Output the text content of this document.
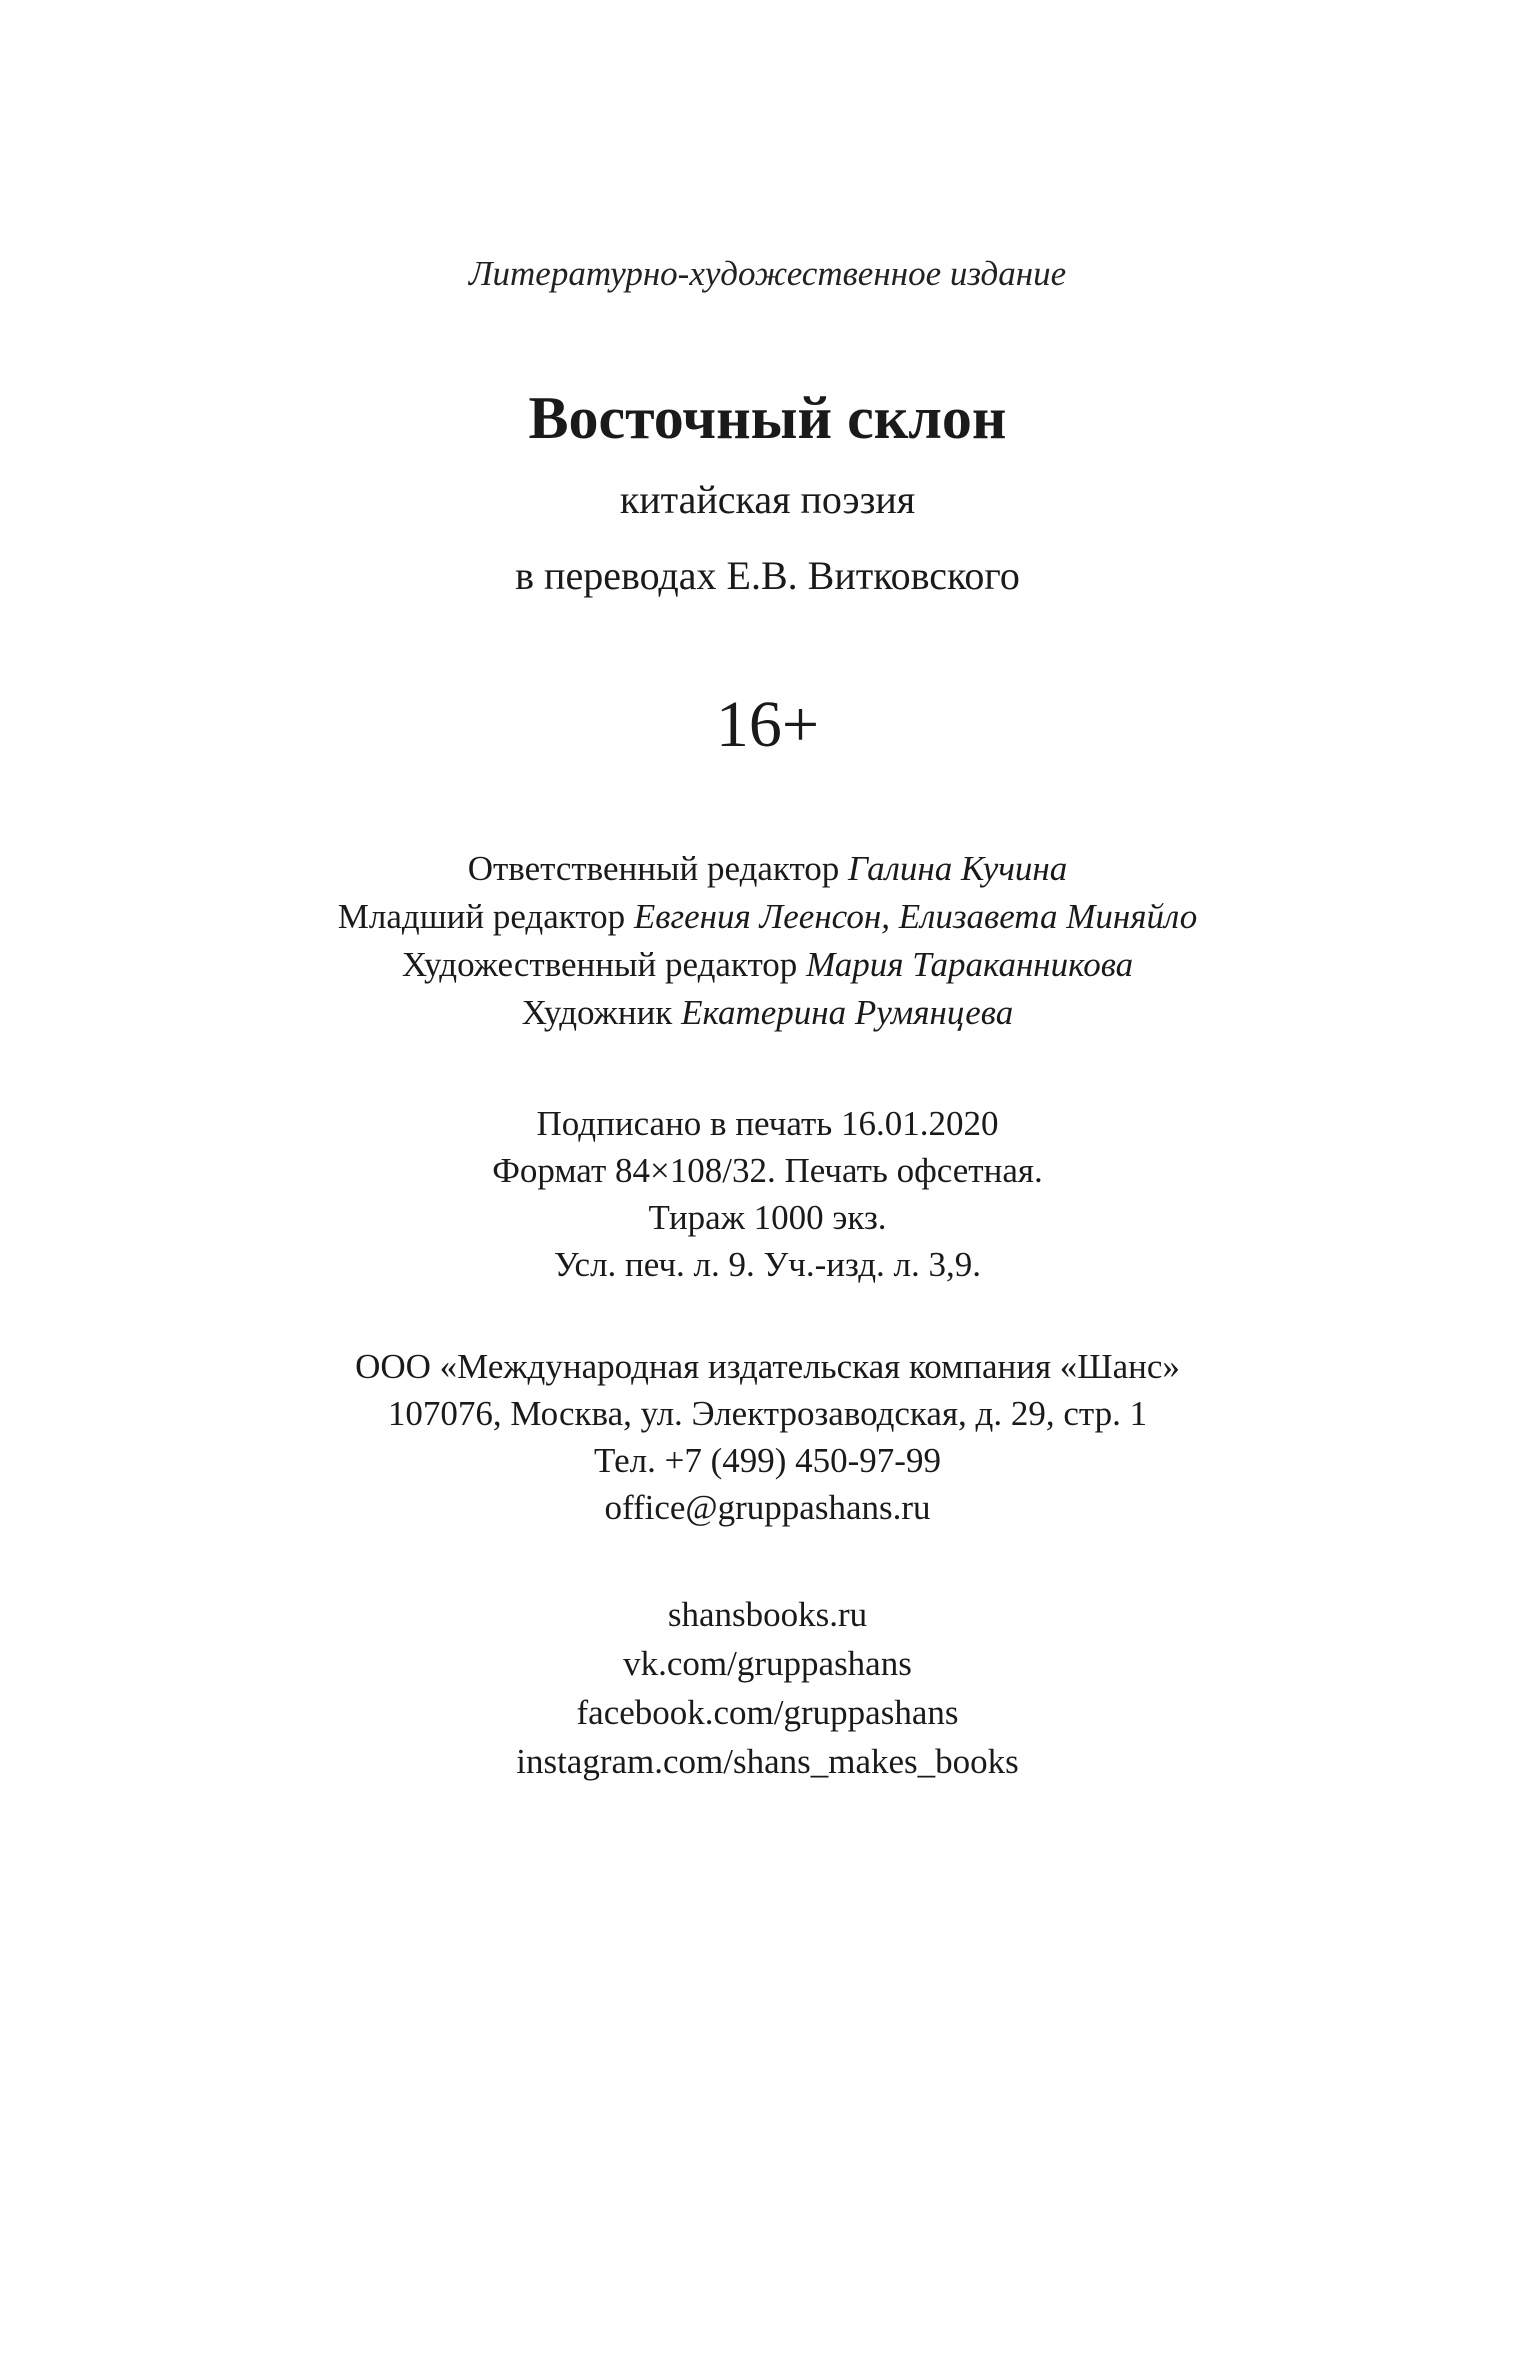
Литературно-художественное издание
Восточный склон
китайская поэзия
в переводах Е.В. Витковского
16+
Ответственный редактор Галина Кучина
Младший редактор Евгения Леенсон, Елизавета Миняйло
Художественный редактор Мария Тараканникова
Художник Екатерина Румянцева
Подписано в печать 16.01.2020
Формат 84×108/32. Печать офсетная.
Тираж 1000 экз.
Усл. печ. л. 9. Уч.-изд. л. 3,9.
ООО «Международная издательская компания «Шанс»
107076, Москва, ул. Электрозаводская, д. 29, стр. 1
Тел. +7 (499) 450-97-99
office@gruppashans.ru
shansbooks.ru
vk.com/gruppashans
facebook.com/gruppashans
instagram.com/shans_makes_books
